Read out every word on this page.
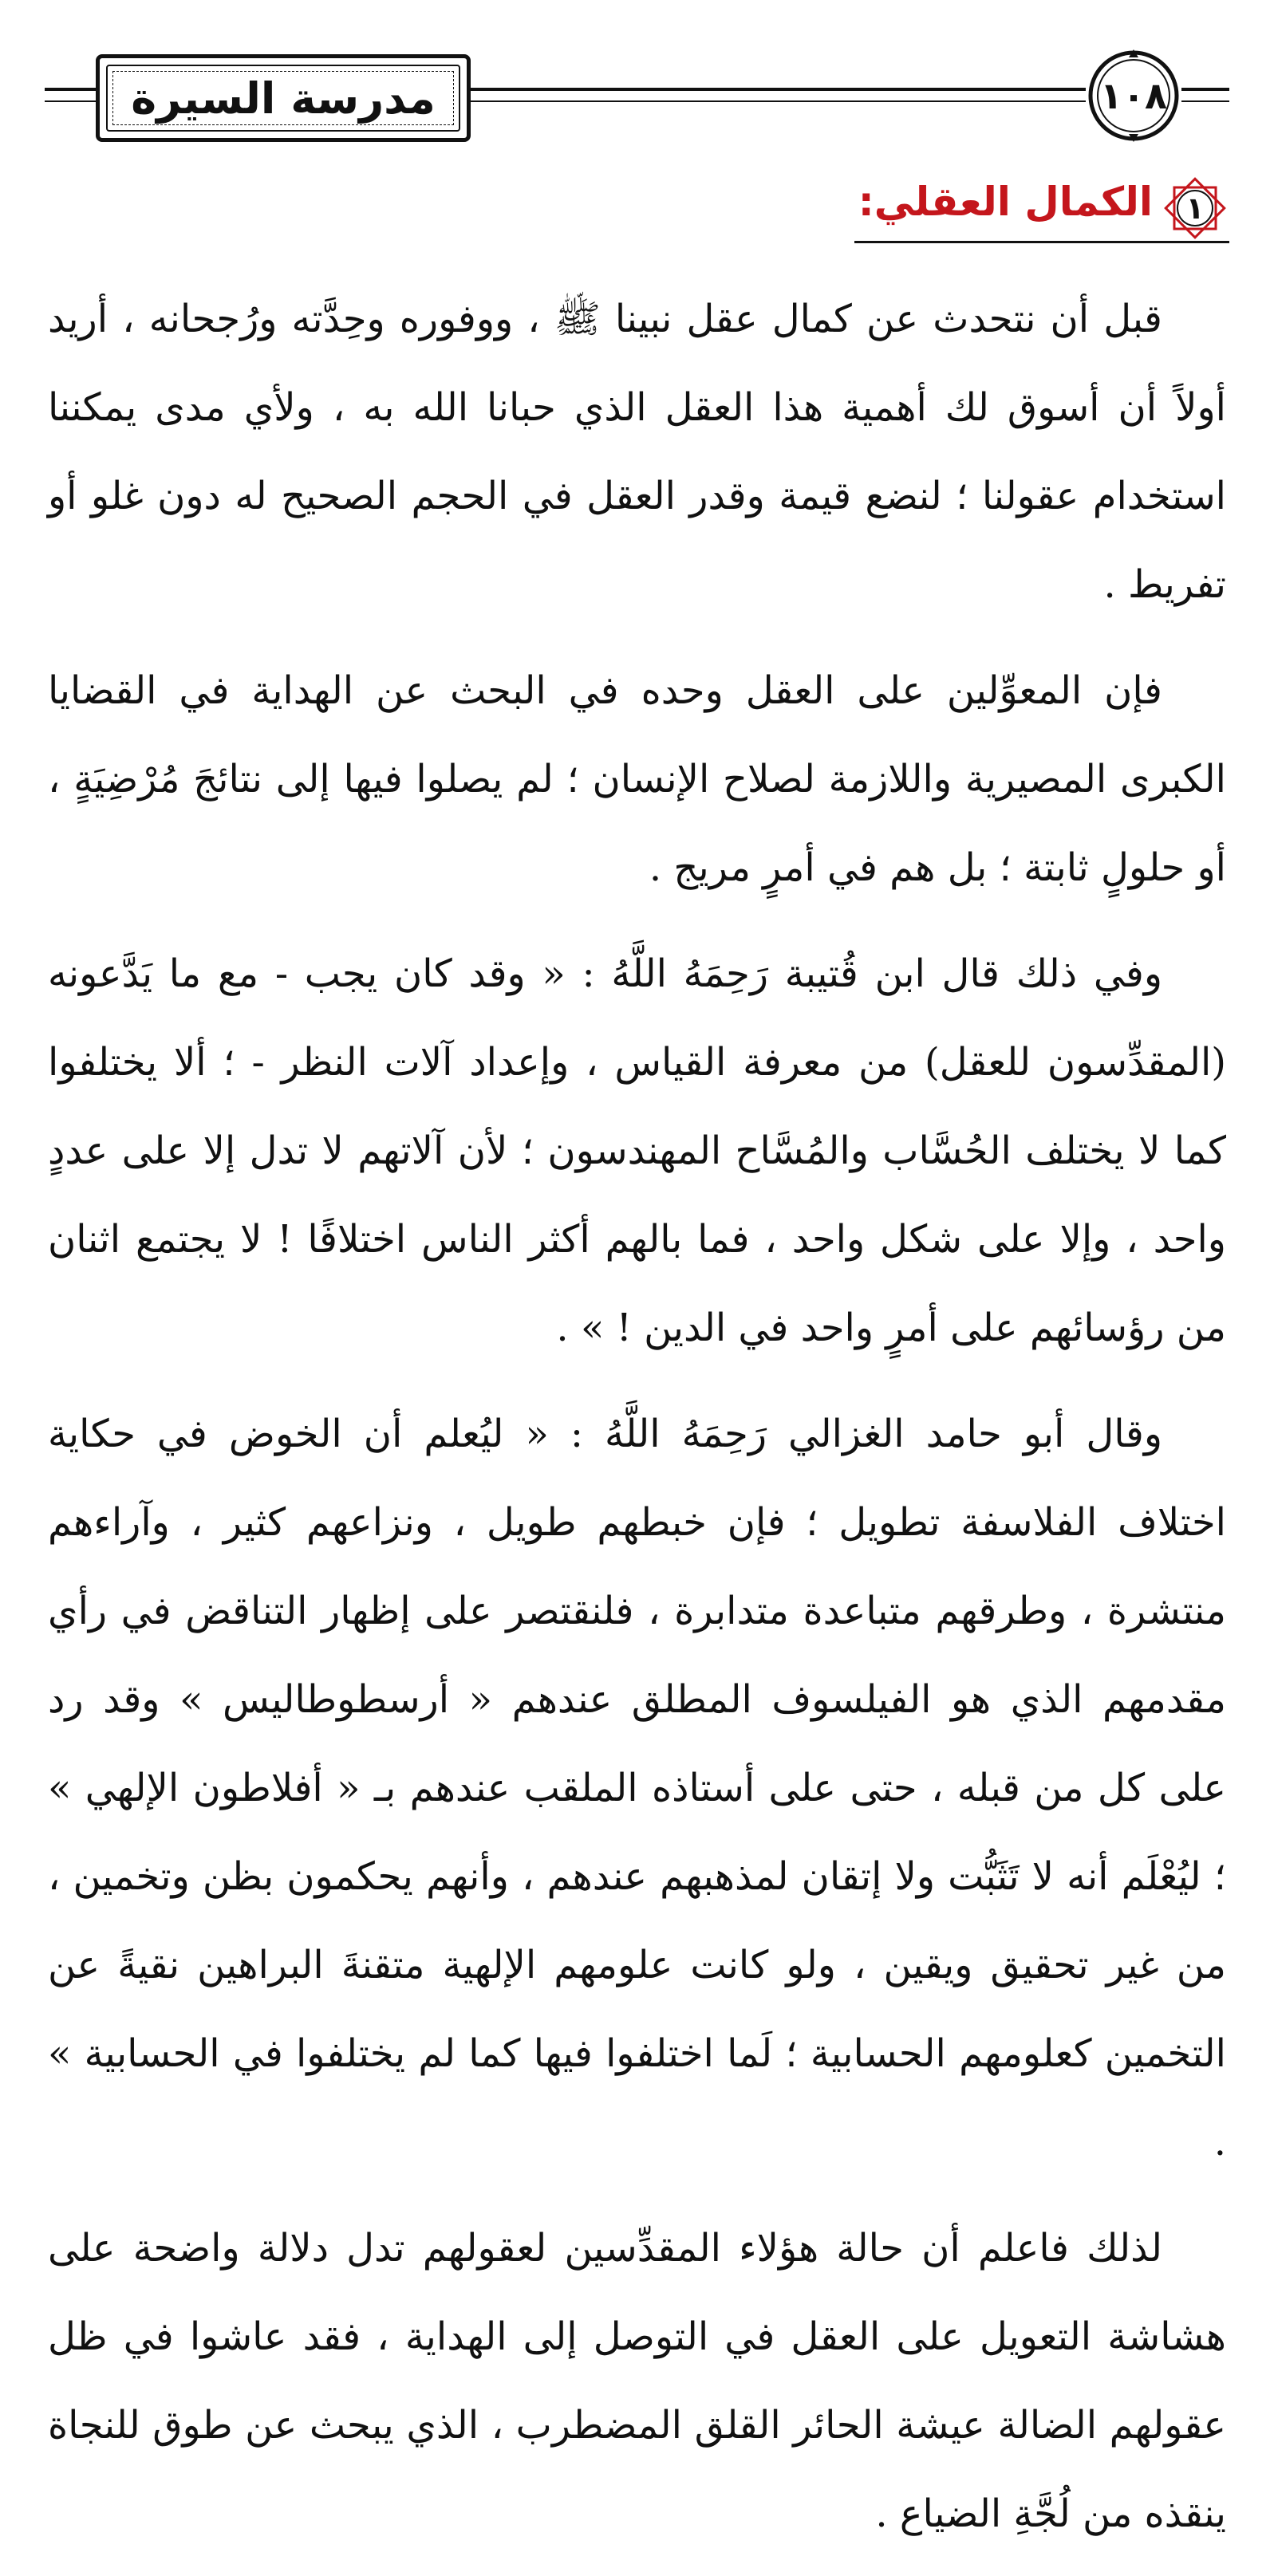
مدرسة السيرة	١٠٨
١
الكمال العقلي:

قبل أن نتحدث عن كمال عقل نبينا ﷺ ، ووفوره وحِدَّته ورُجحانه ، أريد أولاً أن أسوق لك أهمية هذا العقل الذي حبانا الله به ، ولأي مدى يمكننا استخدام عقولنا ؛ لنضع قيمة وقدر العقل في الحجم الصحيح له دون غلو أو تفريط .

فإن المعوِّلين على العقل وحده في البحث عن الهداية في القضايا الكبرى المصيرية واللازمة لصلاح الإنسان ؛ لم يصلوا فيها إلى نتائجَ مُرْضِيَةٍ ، أو حلولٍ ثابتة ؛ بل هم في أمرٍ مريج .

وفي ذلك قال ابن قُتيبة رَحِمَهُ اللَّهُ : « وقد كان يجب - مع ما يَدَّعونه (المقدِّسون للعقل) من معرفة القياس ، وإعداد آلات النظر - ؛ ألا يختلفوا كما لا يختلف الحُسَّاب والمُسَّاح المهندسون ؛ لأن آلاتهم لا تدل إلا على عددٍ واحد ، وإلا على شكل واحد ، فما بالهم أكثر الناس اختلافًا ! لا يجتمع اثنان من رؤسائهم على أمرٍ واحد في الدين ! » .

وقال أبو حامد الغزالي رَحِمَهُ اللَّهُ : « ليُعلم أن الخوض في حكاية اختلاف الفلاسفة تطويل ؛ فإن خبطهم طويل ، ونزاعهم كثير ، وآراءهم منتشرة ، وطرقهم متباعدة متدابرة ، فلنقتصر على إظهار التناقض في رأي مقدمهم الذي هو الفيلسوف المطلق عندهم « أرسطوطاليس » وقد رد على كل من قبله ، حتى على أستاذه الملقب عندهم بـ « أفلاطون الإلهي » ؛ ليُعْلَم أنه لا تَثَبُّت ولا إتقان لمذهبهم عندهم ، وأنهم يحكمون بظن وتخمين ، من غير تحقيق ويقين ، ولو كانت علومهم الإلهية متقنةَ البراهين نقيةً عن التخمين كعلومهم الحسابية ؛ لَما اختلفوا فيها كما لم يختلفوا في الحسابية » .

لذلك فاعلم أن حالة هؤلاء المقدِّسين لعقولهم تدل دلالة واضحة على هشاشة التعويل على العقل في التوصل إلى الهداية ، فقد عاشوا في ظل عقولهم الضالة عيشة الحائر القلق المضطرب ، الذي يبحث عن طوق للنجاة ينقذه من لُجَّةِ الضياع .
